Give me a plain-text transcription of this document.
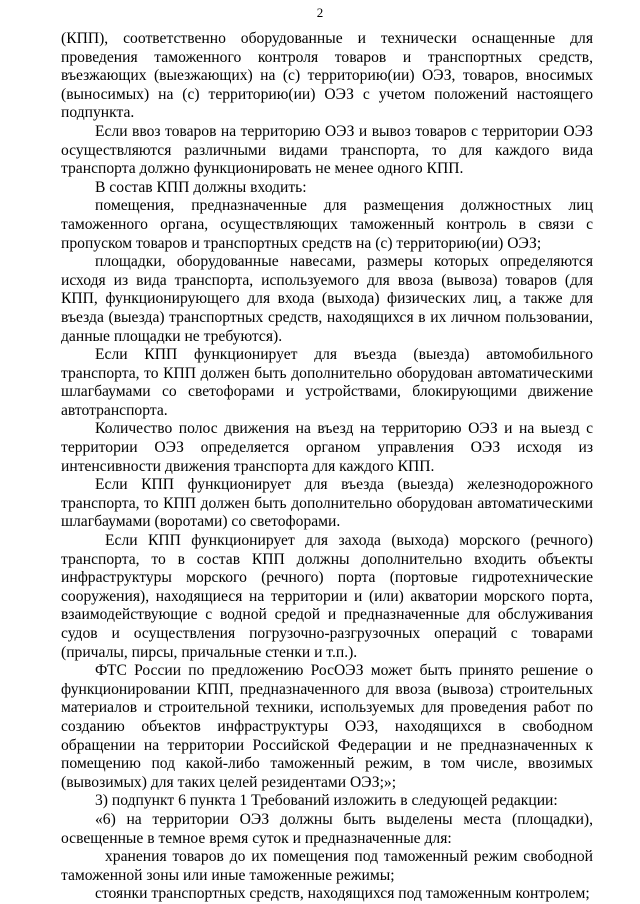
2

(КПП), соответственно оборудованные и технически оснащенные для проведения таможенного контроля товаров и транспортных средств, въезжающих (выезжающих) на (с) территорию(ии) ОЭЗ, товаров, вносимых (выносимых) на (с) территорию(ии) ОЭЗ с учетом положений настоящего подпункта.

Если ввоз товаров на территорию ОЭЗ и вывоз товаров с территории ОЭЗ осуществляются различными видами транспорта, то для каждого вида транспорта должно функционировать не менее одного КПП.

В состав КПП должны входить:

помещения, предназначенные для размещения должностных лиц таможенного органа, осуществляющих таможенный контроль в связи с пропуском товаров и транспортных средств на (с) территорию(ии) ОЭЗ;

площадки, оборудованные навесами, размеры которых определяются исходя из вида транспорта, используемого для ввоза (вывоза) товаров (для КПП, функционирующего для входа (выхода) физических лиц, а также для въезда (выезда) транспортных средств, находящихся в их личном пользовании, данные площадки не требуются).

Если КПП функционирует для въезда (выезда) автомобильного транспорта, то КПП должен быть дополнительно оборудован автоматическими шлагбаумами со светофорами и устройствами, блокирующими движение автотранспорта.

Количество полос движения на въезд на территорию ОЭЗ и на выезд с территории ОЭЗ определяется органом управления ОЭЗ исходя из интенсивности движения транспорта для каждого КПП.

Если КПП функционирует для въезда (выезда) железнодорожного транспорта, то КПП должен быть дополнительно оборудован автоматическими шлагбаумами (воротами) со светофорами.

Если КПП функционирует для захода (выхода) морского (речного) транспорта, то в состав КПП должны дополнительно входить объекты инфраструктуры морского (речного) порта (портовые гидротехнические сооружения), находящиеся на территории и (или) акватории морского порта, взаимодействующие с водной средой и предназначенные для обслуживания судов и осуществления погрузочно-разгрузочных операций с товарами (причалы, пирсы, причальные стенки и т.п.).

ФТС России по предложению РосОЭЗ может быть принято решение о функционировании КПП, предназначенного для ввоза (вывоза) строительных материалов и строительной техники, используемых для проведения работ по созданию объектов инфраструктуры ОЭЗ, находящихся в свободном обращении на территории Российской Федерации и не предназначенных к помещению под какой-либо таможенный режим, в том числе, ввозимых (вывозимых) для таких целей резидентами ОЭЗ;»;

3) подпункт 6 пункта 1 Требований изложить в следующей редакции:

«6) на территории ОЭЗ должны быть выделены места (площадки), освещенные в темное время суток и предназначенные для:

хранения товаров до их помещения под таможенный режим свободной таможенной зоны или иные таможенные режимы;

стоянки транспортных средств, находящихся под таможенным контролем;
